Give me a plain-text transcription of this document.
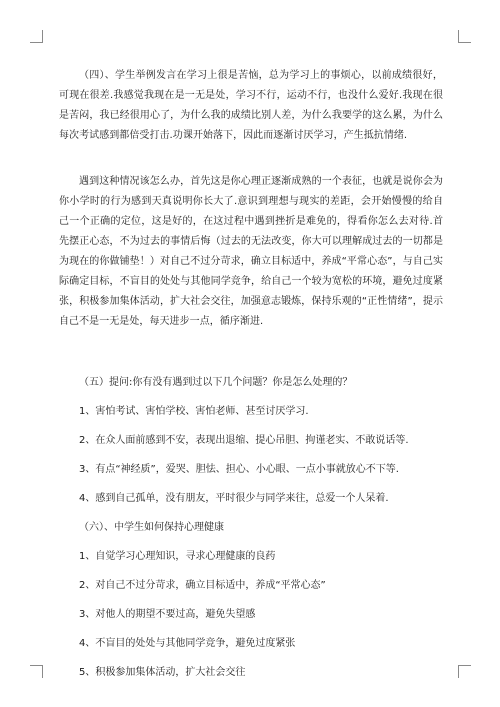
（四）、学生举例发言在学习上很是苦恼，总为学习上的事烦心，以前成绩很好，可现在很差.我感觉我现在是一无是处，学习不行，运动不行，也没什么爱好.我现在很是苦闷，我已经很用心了，为什么我的成绩比别人差，为什么我要学的这么累，为什么每次考试感到都倍受打击.功课开始落下，因此而逐渐讨厌学习，产生抵抗情绪.

遇到这种情况该怎么办，首先这是你心理正逐渐成熟的一个表征，也就是说你会为你小学时的行为感到天真说明你长大了.意识到理想与现实的差距，会开始慢慢的给自己一个正确的定位，这是好的，在这过程中遇到挫折是难免的，得看你怎么去对待.首先摆正心态，不为过去的事情后悔（过去的无法改变，你大可以理解成过去的一切都是为现在的你做铺垫！）对自己不过分苛求，确立目标适中，养成“平常心态”，与自己实际确定目标，不盲目的处处与其他同学竞争，给自己一个较为宽松的环境，避免过度紧张，积极参加集体活动，扩大社会交往，加强意志锻炼，保持乐观的“正性情绪”，提示自己不是一无是处，每天进步一点，循序渐进.

（五）提问:你有没有遇到过以下几个问题？你是怎么处理的？
1、害怕考试、害怕学校、害怕老师、甚至讨厌学习.
2、在众人面前感到不安，表现出退缩、提心吊胆、拘谨老实、不敢说话等.
3、有点“神经质”，爱哭、胆怯、担心、小心眼、一点小事就放心不下等.
4、感到自己孤单，没有朋友，平时很少与同学来往，总爱一个人呆着.
（六）、中学生如何保持心理健康
1、自觉学习心理知识，寻求心理健康的良药
2、对自己不过分苛求，确立目标适中，养成“平常心态”
3、对他人的期望不要过高，避免失望感
4、不盲目的处处与其他同学竞争，避免过度紧张
5、积极参加集体活动，扩大社会交往
